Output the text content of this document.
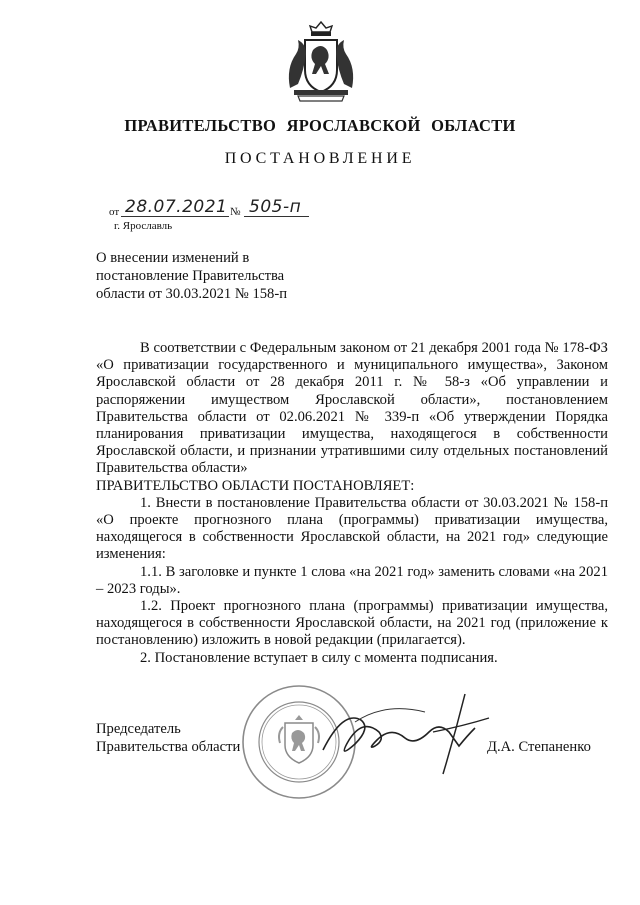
ПРАВИТЕЛЬСТВО ЯРОСЛАВСКОЙ ОБЛАСТИ
ПОСТАНОВЛЕНИЕ
от 28.07.2021 № 505-п
г. Ярославль
О внесении изменений в
постановление Правительства
области от 30.03.2021 № 158-п

В соответствии с Федеральным законом от 21 декабря 2001 года № 178-ФЗ «О приватизации государственного и муниципального имущества», Законом Ярославской области от 28 декабря 2011 г. № 58-з «Об управлении и распоряжении имуществом Ярославской области», постановлением Правительства области от 02.06.2021 № 339-п «Об утверждении Порядка планирования приватизации имущества, находящегося в собственности Ярославской области, и признании утратившими силу отдельных постановлений Правительства области»

ПРАВИТЕЛЬСТВО ОБЛАСТИ ПОСТАНОВЛЯЕТ:

1. Внести в постановление Правительства области от 30.03.2021 № 158-п «О проекте прогнозного плана (программы) приватизации имущества, находящегося в собственности Ярославской области, на 2021 год» следующие изменения:

1.1. В заголовке и пункте 1 слова «на 2021 год» заменить словами «на 2021 – 2023 годы».

1.2. Проект прогнозного плана (программы) приватизации имущества, находящегося в собственности Ярославской области, на 2021 год (приложение к постановлению) изложить в новой редакции (прилагается).

2. Постановление вступает в силу с момента подписания.

Председатель
Правительства области	Д.А. Степаненко
